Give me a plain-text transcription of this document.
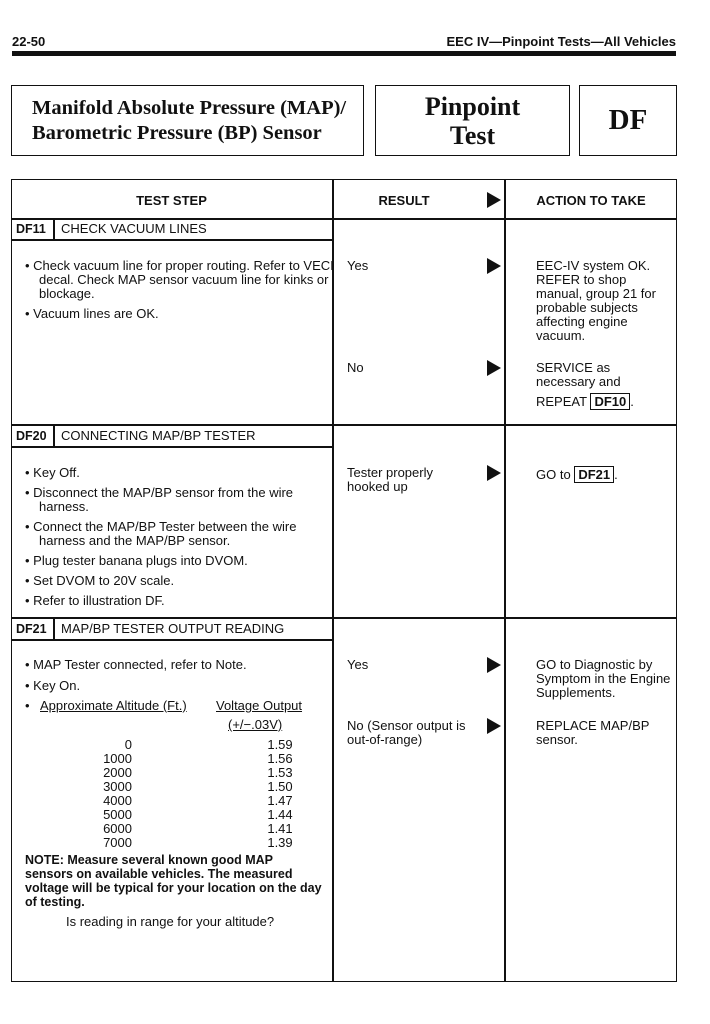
22-50	EEC IV—Pinpoint Tests—All Vehicles
Manifold Absolute Pressure (MAP)/
Barometric Pressure (BP) Sensor
Pinpoint
Test	DF
TEST STEP	RESULT	ACTION TO TAKE
DF11 CHECK VACUUM LINES
• Check vacuum line for proper routing. Refer to VECI decal. Check MAP sensor vacuum line for kinks or blockage.
• Vacuum lines are OK.
Yes	EEC-IV system OK. REFER to shop manual, group 21 for probable subjects affecting engine vacuum.
No	SERVICE as necessary and
REPEAT DF10 .
DF20 CONNECTING MAP/BP TESTER
• Key Off.
• Disconnect the MAP/BP sensor from the wire harness.
• Connect the MAP/BP Tester between the wire harness and the MAP/BP sensor.
• Plug tester banana plugs into DVOM.
• Set DVOM to 20V scale.
• Refer to illustration DF.
Tester properly hooked up
GO to DF21 .
DF21 MAP/BP TESTER OUTPUT READING
• MAP Tester connected, refer to Note.
• Key On.
• Approximate Altitude (Ft.) Voltage Output
(+/−.03V)
0	1.59
1000	1.56
2000	1.53
3000	1.50
4000	1.47
5000	1.44
6000	1.41
7000	1.39
NOTE: Measure several known good MAP sensors on available vehicles. The measured voltage will be typical for your location on the day of testing.
Is reading in range for your altitude?
Yes	GO to Diagnostic by Symptom in the Engine Supplements.
No (Sensor output is out-of-range)
REPLACE MAP/BP sensor.
